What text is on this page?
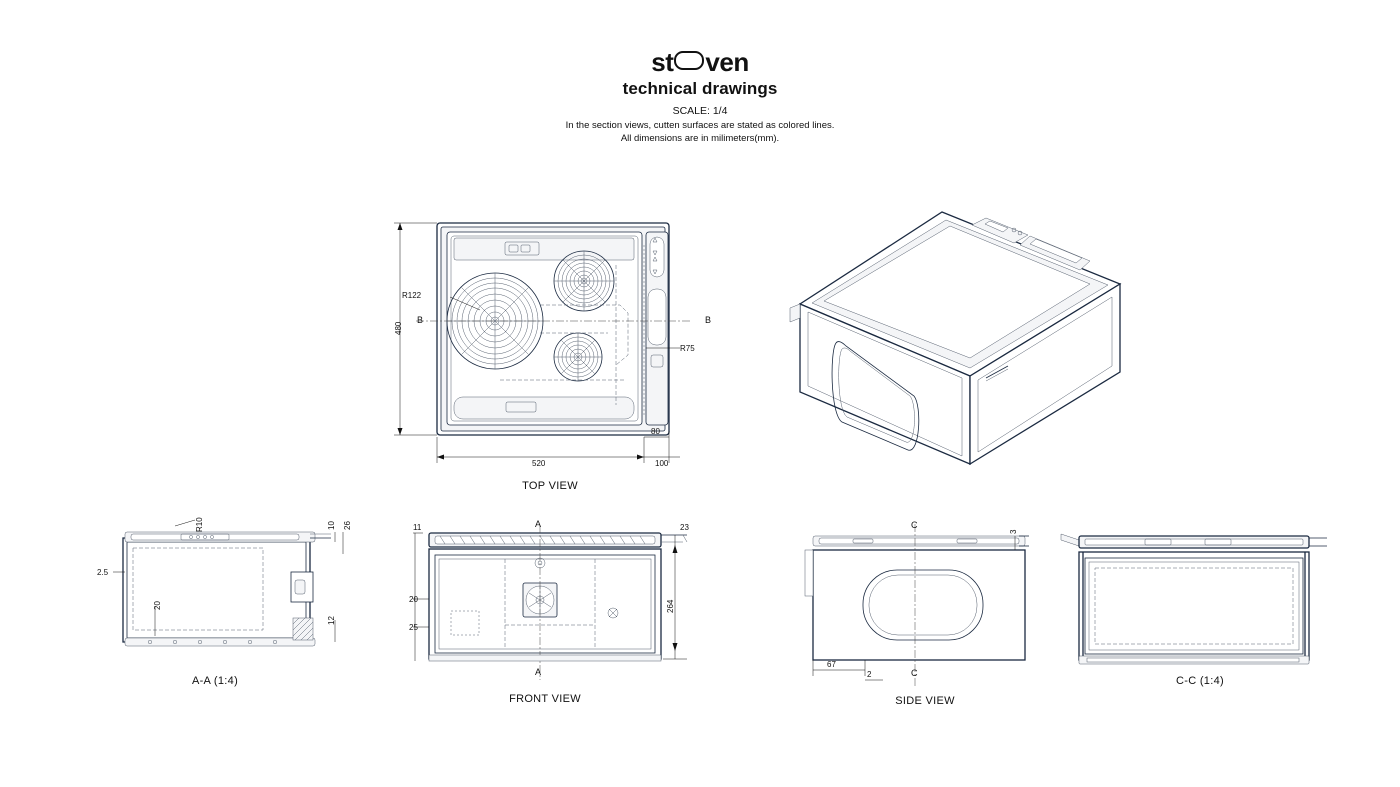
st ven
technical drawings
SCALE: 1/4
In the section views, cutten surfaces are stated as colored lines.
All dimensions are in milimeters(mm).
480
520
R122
R75
80
100
B	B
TOP VIEW
R10	10 26
12
2.5
20
A-A (1:4)
11	23
20
25
264
A
A
FRONT VIEW
3
67
2
C
C
SIDE VIEW
C-C (1:4)
